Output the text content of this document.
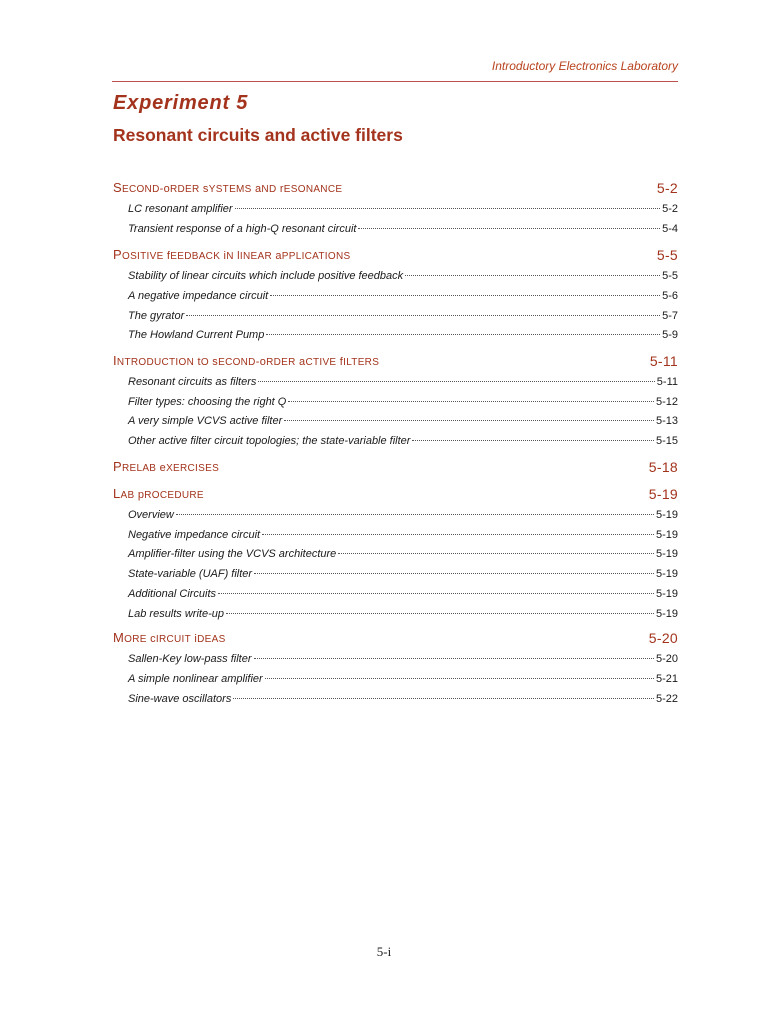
Introductory Electronics Laboratory
Experiment 5
Resonant circuits and active filters
SECOND-oRDER sYSTEMS aND rESONANCE	5-2
LC resonant amplifier	5-2
Transient response of a high-Q resonant circuit	5-4
POSITIVE fEEDBACK iN lINEAR aPPLICATIONS	5-5
Stability of linear circuits which include positive feedback	5-5
A negative impedance circuit	5-6
The gyrator	5-7
The Howland Current Pump	5-9
INTRODUCTION tO sECOND-oRDER aCTIVE fILTERS	5-11
Resonant circuits as filters	5-11
Filter types: choosing the right Q	5-12
A very simple VCVS active filter	5-13
Other active filter circuit topologies; the state-variable filter	5-15
PRELAB eXERCISES	5-18
LAB pROCEDURE	5-19
Overview	5-19
Negative impedance circuit	5-19
Amplifier-filter using the VCVS architecture	5-19
State-variable (UAF) filter	5-19
Additional Circuits	5-19
Lab results write-up	5-19
MORE cIRCUIT iDEAS	5-20
Sallen-Key low-pass filter	5-20
A simple nonlinear amplifier	5-21
Sine-wave oscillators	5-22
5-i
